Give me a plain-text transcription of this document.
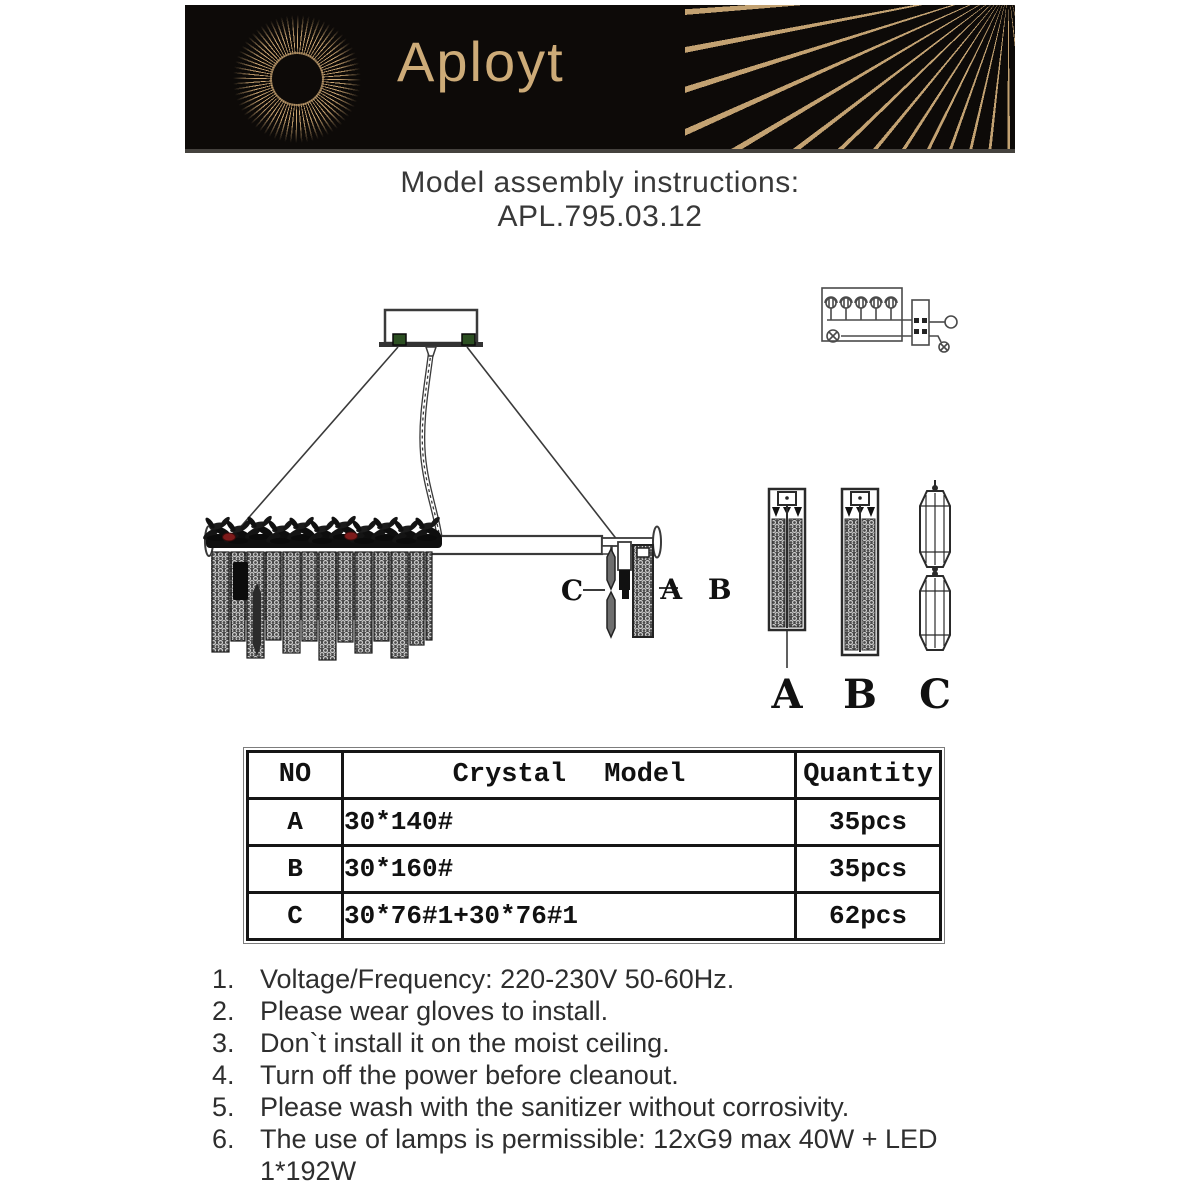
Aployt
Model assembly instructions:
APL.795.03.12
C	A B
A B C
NO	Crystal Model	Quantity
A	30*140#	35pcs
B	30*160#	35pcs
C	30*76#1+30*76#1	62pcs
1. Voltage/Frequency: 220-230V 50-60Hz.
2. Please wear gloves to install.
3. Don`t install it on the moist ceiling.
4. Turn off the power before cleanout.
5. Please wash with the sanitizer without corrosivity.
6. The use of lamps is permissible: 12xG9 max 40W + LED 1*192W
